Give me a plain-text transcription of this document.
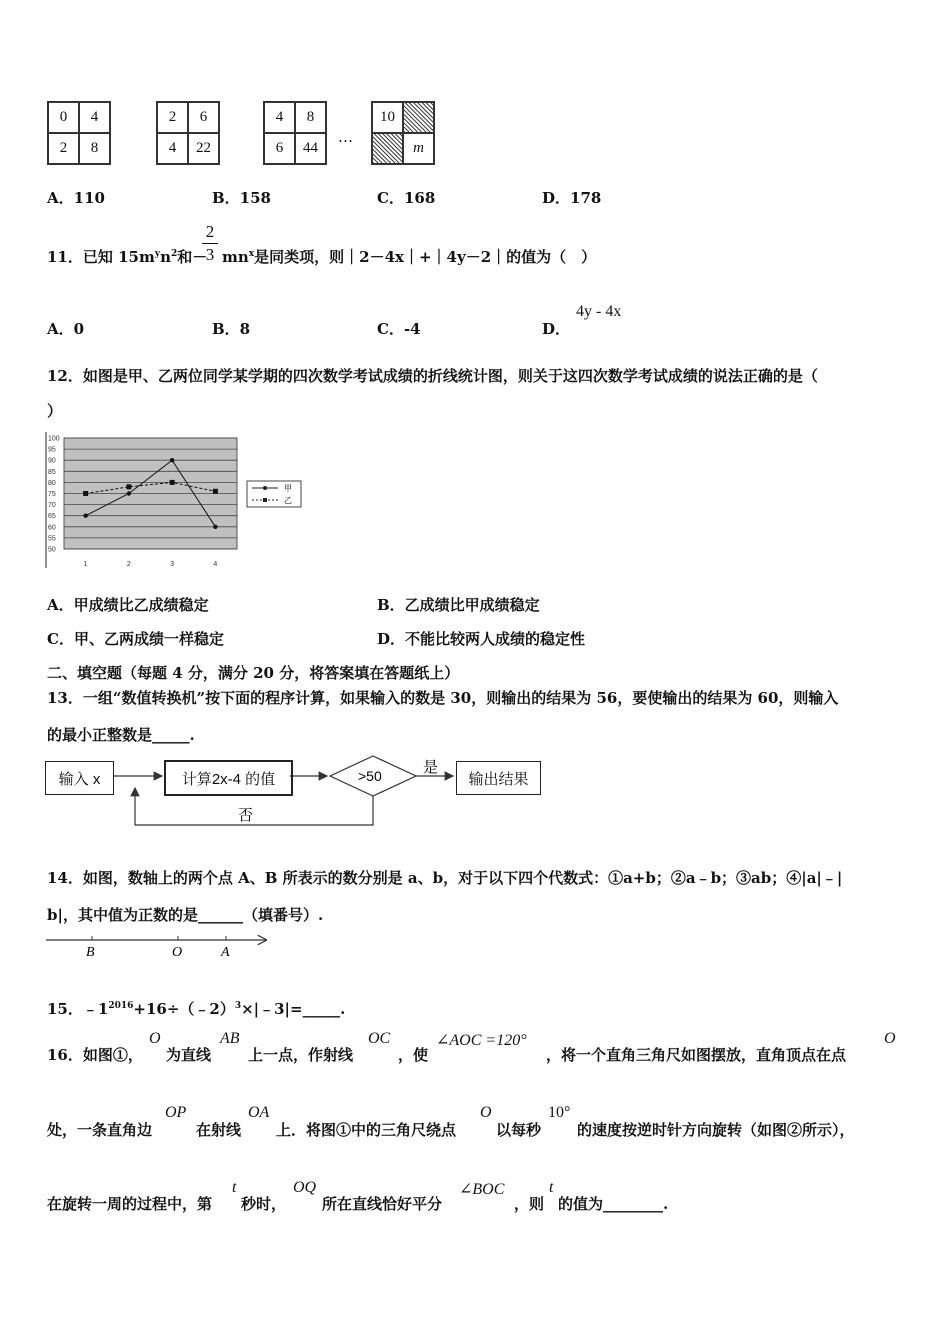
0	4
2	8
2	6
4	22
4	8
6	44
…
10
m
A．110	B．158	C．168	D．178
11．已知 $15m^yn^2$和－
$\frac{2}{3} mn^x$是同类项，则｜2－4x｜+｜4y－2｜的值为（　）
A．0	B．8	C．-4	D．
4y - 4x
12．如图是甲、乙两位同学某学期的四次数学考试成绩的折线统计图，则关于这四次数学考试成绩的说法正确的是（
）
100
95
90
85
80
75
70
65
60
55
50
1	2	3	4
甲
乙
A．甲成绩比乙成绩稳定	B．乙成绩比甲成绩稳定
C．甲、乙两成绩一样稳定	D．不能比较两人成绩的稳定性
二、填空题（每题 4 分，满分 20 分，将答案填在答题纸上）
13．一组“数值转换机”按下面的程序计算，如果输入的数是 30，则输出的结果为 56，要使输出的结果为 60，则输入
的最小正整数是_____.
>50	是
否
输入 x	计算2x-4 的值	输出结果
14．如图，数轴上的两个点 A、B 所表示的数分别是 a、b，对于以下四个代数式：①a+b；②a﹣b；③ab；④|a|﹣|
b|，其中值为正数的是______（填番号）.
B	O	A
15．$﹣1^{2016}+16\div(﹣2)^3\times|﹣3|=\_\_\_\_\_$.
16．如图①，
O
为直线
AB
上一点，作射线
OC
，使
∠AOC =120°
，将一个直角三角尺如图摆放，直角顶点在点
O
处，一条直角边
OP
在射线
OA
上．将图①中的三角尺绕点
O
以每秒
10°
的速度按逆时针方向旋转（如图②所示），
在旋转一周的过程中，第
t
秒时，
OQ
所在直线恰好平分
∠BOC
，则
t
的值为________.
